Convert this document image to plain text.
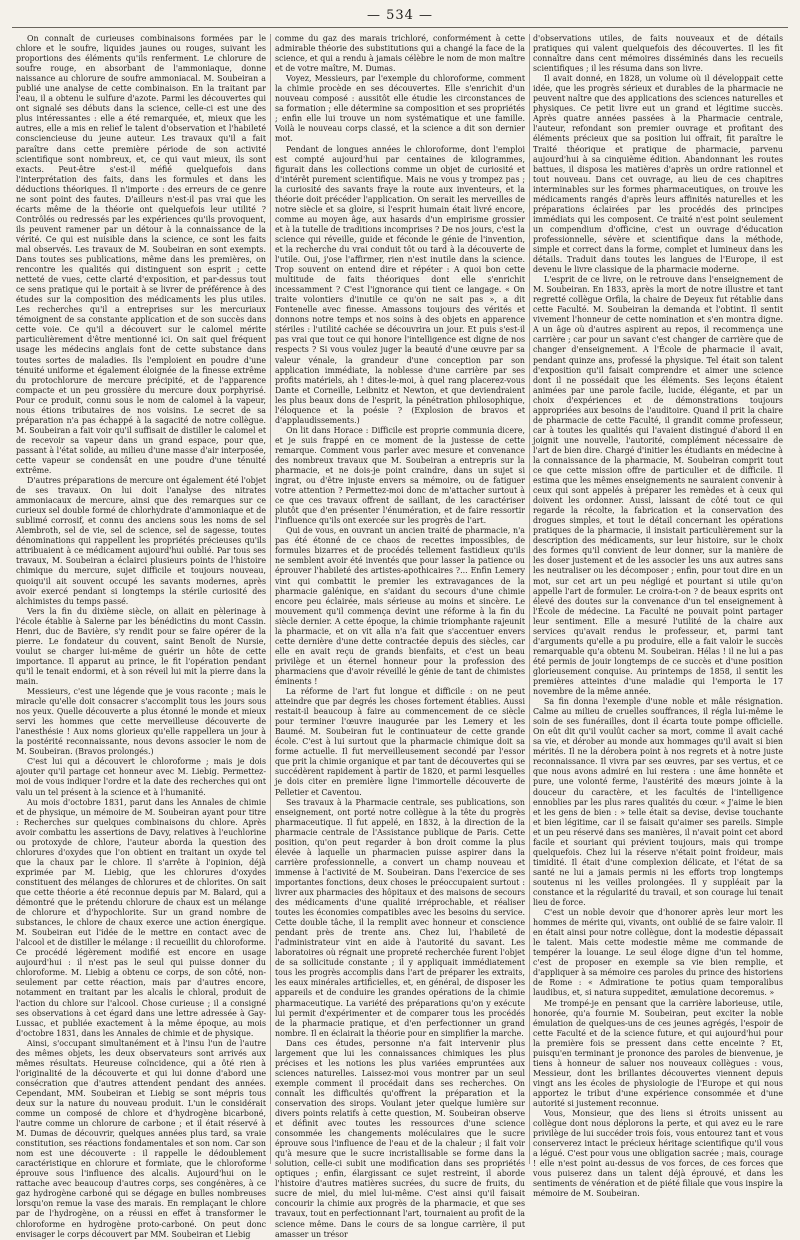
— 534 —

On connaît de curieuses combinaisons formées par le chlore et le soufre, liquides jaunes ou rouges, suivant les proportions des éléments qu'ils renferment. Le chlorure de soufre rouge, en absorbant de l'ammoniaque, donne naissance au chlorure de soufre ammoniacal. M. Soubeiran a publié une analyse de cette combinaison. En la traitant par l'eau, il a obtenu le sulfure d'azote. Parmi les découvertes qui ont signalé ses débuts dans la science, celle-ci est une des plus intéressantes : elle a été remarquée, et, mieux que les autres, elle a mis en relief le talent d'observation et l'habileté consciencieuse du jeune auteur. Les travaux qu'il a fait paraître dans cette première période de son activité scientifique sont nombreux, et, ce qui vaut mieux, ils sont exacts. Peut-être s'est-il méfié quelquefois dans l'interprétation des faits, dans les formules et dans les déductions théoriques. Il n'importe : des erreurs de ce genre ne sont point des fautes. D'ailleurs n'est-il pas vrai que les écarts même de la théorie ont quelquefois leur utilité ? Contrôlés ou redressés par les expériences qu'ils provoquent, ils peuvent ramener par un détour à la connaissance de la vérité. Ce qui est nuisible dans la science, ce sont les faits mal observés. Les travaux de M. Soubeiran en sont exempts. Dans toutes ses publications, même dans les premières, on rencontre les qualités qui distinguent son esprit ; cette netteté de vues, cette clarté d'exposition, et par-dessus tout ce sens pratique qui le portait à se livrer de préférence à des études sur la composition des médicaments les plus utiles. Les recherches qu'il a entreprises sur les mercuriaux témoignent de sa constante application et de son succès dans cette voie. Ce qu'il a découvert sur le calomel mérite particulièrement d'être mentionné ici. On sait quel fréquent usage les médecins anglais font de cette substance dans toutes sortes de maladies. Ils l'emploient en poudre d'une ténuité uniforme et également éloignée de la finesse extrême du protochlorure de mercure précipité, et de l'apparence compacte et un peu grossière du mercure doux porphyrisé. Pour ce produit, connu sous le nom de calomel à la vapeur, nous étions tributaires de nos voisins. Le secret de sa préparation n'a pas échappé à la sagacité de notre collègue. M. Soubeiran a fait voir qu'il suffisait de distiller le calomel et de recevoir sa vapeur dans un grand espace, pour que, passant à l'état solide, au milieu d'une masse d'air interposée, cette vapeur se condensât en une poudre d'une ténuité extrême.

D'autres préparations de mercure ont également été l'objet de ses travaux. On lui doit l'analyse des nitrates ammoniacaux de mercure, ainsi que des remarques sur ce curieux sel double formé de chlorhydrate d'ammoniaque et de sublimé corrosif, et connu des anciens sous les noms de sel Alembroth, sel de vie, sel de science, sel de sagesse, toutes dénominations qui rappellent les propriétés précieuses qu'ils attribuaient à ce médicament aujourd'hui oublié. Par tous ses travaux, M. Soubeiran a éclairci plusieurs points de l'histoire chimique du mercure, sujet difficile et toujours nouveau, quoiqu'il ait souvent occupé les savants modernes, après avoir exercé pendant si longtemps la stérile curiosité des alchimistes du temps passé.

Vers la fin du dixième siècle, on allait en pèlerinage à l'école établie à Salerne par les bénédictins du mont Cassin. Henri, duc de Bavière, s'y rendit pour se faire opérer de la pierre. Le fondateur du couvent, saint Benoît de Nursie, voulut se charger lui-même de guérir un hôte de cette importance. Il apparut au prince, le fit l'opération pendant qu'il le tenait endormi, et à son réveil lui mit la pierre dans la main.

Messieurs, c'est une légende que je vous raconte ; mais le miracle qu'elle doit consacrer s'accomplit tous les jours sous nos yeux. Quelle découverte a plus étonné le monde et mieux servi les hommes que cette merveilleuse découverte de l'anesthésie ! Aux noms glorieux qu'elle rappellera un jour à la postérité reconnaissante, nous devons associer le nom de M. Soubeiran. (Bravos prolongés.)

C'est lui qui a découvert le chloroforme ; mais je dois ajouter qu'il partage cet honneur avec M. Liebig. Permettez-moi de vous indiquer l'ordre et la date des recherches qui ont valu un tel présent à la science et à l'humanité.

Au mois d'octobre 1831, parut dans les Annales de chimie et de physique, un mémoire de M. Soubeiran ayant pour titre : Recherches sur quelques combinaisons du chlore. Après avoir combattu les assertions de Davy, relatives à l'euchlorine ou protoxyde de chlore, l'auteur aborda la question des chlorures d'oxydes que l'on obtient en traitant un oxyde tel que la chaux par le chlore. Il s'arrête à l'opinion, déjà exprimée par M. Liebig, que les chlorures d'oxydes constituent des mélanges de chlorures et de chlorites. On sait que cette théorie a été reconnue depuis par M. Balard, qui a démontré que le prétendu chlorure de chaux est un mélange de chlorure et d'hypochlorite. Sur un grand nombre de substances, le chlore de chaux exerce une action énergique. M. Soubeiran eut l'idée de le mettre en contact avec de l'alcool et de distiller le mélange : il recueillit du chloroforme. Ce procédé légèrement modifié est encore en usage aujourd'hui : il n'est pas le seul qui puisse donner du chloroforme. M. Liebig a obtenu ce corps, de son côté, non-seulement par cette réaction, mais par d'autres encore, notamment en traitant par les alcalis le chloral, produit de l'action du chlore sur l'alcool. Chose curieuse ; il a consigné ses observations à cet égard dans une lettre adressée à Gay-Lussac, et publiée exactement à la même époque, au mois d'octobre 1831, dans les Annales de chimie et de physique.

Ainsi, s'occupant simultanément et à l'insu l'un de l'autre des mêmes objets, les deux observateurs sont arrivés aux mêmes résultats. Heureuse coïncidence, qui a ôté rien à l'originalité de la découverte et qui lui donne d'abord une consécration que d'autres attendent pendant des années. Cependant, MM. Soubeiran et Liebig se sont mépris tous deux sur la nature du nouveau produit. L'un le considérait comme un composé de chlore et d'hydrogène bicarboné, l'autre comme un chlorure de carbone ; et il était réservé à M. Dumas de découvrir, quelques années plus tard, sa vraie constitution, ses réactions fondamentales et son nom. Car son nom est une découverte : il rappelle le dédoublement caractéristique en chlorure et formiate, que le chloroforme éprouve sous l'influence des alcalis. Aujourd'hui on le rattache avec beaucoup d'autres corps, ses congénères, à ce gaz hydrogène carboné qui se dégage en bulles nombreuses lorsqu'on remue la vase des marais. En remplaçant le chlore par de l'hydrogène, on a réussi en effet à transformer le chloroforme en hydrogène proto-carboné. On peut donc envisager le corps découvert par MM. Soubeiran et Liebig

comme du gaz des marais trichloré, conformément à cette admirable théorie des substitutions qui a changé la face de la science, et qui a rendu à jamais célèbre le nom de mon maître et de votre maître, M. Dumas.

Voyez, Messieurs, par l'exemple du chloroforme, comment la chimie procède en ses découvertes. Elle s'enrichit d'un nouveau composé : aussitôt elle étudie les circonstances de sa formation ; elle détermine sa composition et ses propriétés ; enfin elle lui trouve un nom systématique et une famille. Voilà le nouveau corps classé, et la science a dit son dernier mot.

Pendant de longues années le chloroforme, dont l'emploi est compté aujourd'hui par centaines de kilogrammes, figurait dans les collections comme un objet de curiosité et d'intérêt purement scientifique. Mais ne vous y trompez pas ; la curiosité des savants fraye la route aux inventeurs, et la théorie doit précéder l'application. On serait les merveilles de notre siècle et sa gloire, si l'esprit humain était livré encore, comme au moyen âge, aux hasards d'un empirisme grossier et à la tutelle de traditions incomprises ? De nos jours, c'est la science qui réveille, guide et féconde le génie de l'invention, et la recherche du vrai conduit tôt ou tard à la découverte de l'utile. Oui, j'ose l'affirmer, rien n'est inutile dans la science. Trop souvent on entend dire et répéter : A quoi bon cette multitude de faits théoriques dont elle s'enrichit incessamment ? C'est l'ignorance qui tient ce langage. « On traite volontiers d'inutile ce qu'on ne sait pas », a dit Fontenelle avec finesse. Amassons toujours des vérités et donnons notre temps et nos soins à des objets en apparence stériles : l'utilité cachée se découvrira un jour. Et puis s'est-il pas vrai que tout ce qui honore l'intelligence est digne de nos respects ? Si vous voulez juger la beauté d'une œuvre par sa valeur vénale, la grandeur d'une conception par son application immédiate, la noblesse d'une carrière par ses profits matériels, ah ! dites-le-moi, à quel rang placerez-vous Dante et Corneille, Leibnitz et Newton, et que deviendraient les plus beaux dons de l'esprit, la pénétration philosophique, l'éloquence et la poésie ? (Explosion de bravos et d'applaudissements.)

On lit dans Horace : Difficile est proprie communia dicere, et je suis frappé en ce moment de la justesse de cette remarque. Comment vous parler avec mesure et convenance des nombreux travaux que M. Soubeiran a entrepris sur la pharmacie, et ne dois-je point craindre, dans un sujet si ingrat, ou d'être injuste envers sa mémoire, ou de fatiguer votre attention ? Permettez-moi donc de m'attacher surtout à ce que ces travaux offrent de saillant, de les caractériser plutôt que d'en présenter l'énumération, et de faire ressortir l'influence qu'ils ont exercée sur les progrès de l'art.

Qui de vous, en ouvrant un ancien traité de pharmacie, n'a pas été étonné de ce chaos de recettes impossibles, de formules bizarres et de procédés tellement fastidieux qu'ils ne semblent avoir été inventés que pour lasser la patience ou éprouver l'habileté des artistes-apothicaires ?... Enfin Lemery vint qui combattit le premier les extravagances de la pharmacie galénique, en s'aidant du secours d'une chimie encore peu éclairée, mais sérieuse au moins et sincère. Le mouvement qu'il commença devint une réforme à la fin du siècle dernier. A cette époque, la chimie triomphante rajeunit la pharmacie, et on vit alla n'a fait que s'accentuer envers cette dernière d'une dette contractée depuis des siècles, car elle en avait reçu de grands bienfaits, et c'est un beau privilège et un éternel honneur pour la profession des pharmaciens que d'avoir réveillé le génie de tant de chimistes éminents !

La réforme de l'art fut longue et difficile : on ne peut atteindre que par degrés les choses fortement établies. Aussi restait-il beaucoup à faire au commencement de ce siècle pour terminer l'œuvre inaugurée par les Lemery et les Baumé. M. Soubeiran fut le continuateur de cette grande école. C'est à lui surtout que la pharmacie chimique doit sa forme actuelle. Il fut merveilleusement secondé par l'essor que prit la chimie organique et par tant de découvertes qui se succédèrent rapidement à partir de 1820, et parmi lesquelles je dois citer en première ligne l'immortelle découverte de Pelletier et Caventou.

Ses travaux à la Pharmacie centrale, ses publications, son enseignement, ont porté notre collègue à la tête du progrès pharmaceutique. Il fut appelé, en 1832, à la direction de la pharmacie centrale de l'Assistance publique de Paris. Cette position, qu'on peut regarder à bon droit comme la plus élevée à laquelle un pharmacien puisse aspirer dans la carrière professionnelle, a convert un champ nouveau et immense à l'activité de M. Soubeiran. Dans l'exercice de ses importantes fonctions, deux choses le préoccupaient surtout : livrer aux pharmacies des hôpitaux et des maisons de secours des médicaments d'une qualité irréprochable, et réaliser toutes les économies compatibles avec les besoins du service. Cette double tâche, il la remplit avec honneur et conscience pendant près de trente ans. Chez lui, l'habileté de l'administrateur vint en aide à l'autorité du savant. Les laboratoires où régnait une propreté recherchée furent l'objet de sa sollicitude constante ; il y appliquait immédiatement tous les progrès accomplis dans l'art de préparer les extraits, les eaux minérales artificielles, et, en général, de disposer les appareils et de conduire les grandes opérations de la chimie pharmaceutique. La variété des préparations qu'on y exécute lui permit d'expérimenter et de comparer tous les procédés de la pharmacie pratique, et d'en perfectionner un grand nombre. Il en éclairait la théorie pour en simplifier la marche.

Dans ces études, personne n'a fait intervenir plus largement que lui les connaissances chimiques les plus précises et les notions les plus variées empruntées aux sciences naturelles. Laissez-moi vous montrer par un seul exemple comment il procédait dans ses recherches. On connaît les difficultés qu'offrent la préparation et la conservation des sirops. Voulant jeter quelque lumière sur divers points relatifs à cette question, M. Soubeiran observe et définit avec toutes les ressources d'une science consommée les changements moléculaires que le sucre éprouve sous l'influence de l'eau et de la chaleur ; il fait voir qu'à mesure que le sucre incristallisable se forme dans la solution, celle-ci subit une modification dans ses propriétés optiques ; enfin, élargissant ce sujet restreint, il aborde l'histoire d'autres matières sucrées, du sucre de fruits, du sucre de miel, du miel lui-même. C'est ainsi qu'il faisait concourir la chimie aux progrès de la pharmacie, et que ses travaux, tout en perfectionnant l'art, tournaient au profit de la science même. Dans le cours de sa longue carrière, il put amasser un trésor

d'observations utiles, de faits nouveaux et de détails pratiques qui valent quelquefois des découvertes. Il les fit connaître dans cent mémoires disséminés dans les recueils scientifiques ; il les résuma dans son livre.

Il avait donné, en 1828, un volume où il développait cette idée, que les progrès sérieux et durables de la pharmacie ne peuvent naître que des applications des sciences naturelles et physiques. Ce petit livre eut un grand et légitime succès. Après quatre années passées à la Pharmacie centrale, l'auteur, refondant son premier ouvrage et profitant des éléments précieux que sa position lui offrait, fit paraître le Traité théorique et pratique de pharmacie, parvenu aujourd'hui à sa cinquième édition. Abandonnant les routes battues, il disposa les matières d'après un ordre rationnel et tout nouveau. Dans cet ouvrage, au lieu de ces chapitres interminables sur les formes pharmaceutiques, on trouve les médicaments rangés d'après leurs affinités naturelles et les préparations éclairées par les procédés des principes immédiats qui les composent. Ce traité n'est point seulement un compendium d'officine, c'est un ouvrage d'éducation professionnelle, sévère et scientifique dans la méthode, simple et correct dans la forme, complet et lumineux dans les détails. Traduit dans toutes les langues de l'Europe, il est devenu le livre classique de la pharmacie moderne.

L'esprit de ce livre, on le retrouve dans l'enseignement de M. Soubeiran. En 1833, après la mort de notre illustre et tant regretté collègue Orfila, la chaire de Deyeux fut rétablie dans cette Faculté. M. Soubeiran la demanda et l'obtint. Il sentit vivement l'honneur de cette nomination et s'en montra digne. A un âge où d'autres aspirent au repos, il recommença une carrière ; car pour un savant c'est changer de carrière que de changer d'enseignement. A l'École de pharmacie il avait, pendant quinze ans, professé la physique. Tel était son talent d'exposition qu'il faisait comprendre et aimer une science dont il ne possédait que les éléments. Ses leçons étaient animées par une parole facile, lucide, élégante, et par un choix d'expériences et de démonstrations toujours appropriées aux besoins de l'auditoire. Quand il prit la chaire de pharmacie de cette Faculté, il grandit comme professeur, car à toutes les qualités qui l'avaient distingué d'abord il en joignit une nouvelle, l'autorité, complément nécessaire de l'art de bien dire. Chargé d'initier les étudiants en médecine à la connaissance de la pharmacie, M. Soubeiran comprit tout ce que cette mission offre de particulier et de difficile. Il estima que les mêmes enseignements ne sauraient convenir à ceux qui sont appelés à préparer les remèdes et à ceux qui doivent les ordonner. Aussi, laissant de côté tout ce qui regarde la récolte, la fabrication et la conservation des drogues simples, et tout le détail concernant les opérations pratiques de la pharmacie, il insistait particulièrement sur la description des médicaments, sur leur histoire, sur le choix des formes qu'il convient de leur donner, sur la manière de les doser justement et de les associer les uns aux autres sans les neutraliser ou les décomposer ; enfin, pour tout dire en un mot, sur cet art un peu négligé et pourtant si utile qu'on appelle l'art de formuler. Le croira-t-on ? de beaux esprits ont élevé des doutes sur la convenance d'un tel enseignement à l'École de médecine. La Faculté ne pouvait point partager leur sentiment. Elle a mesuré l'utilité de la chaire aux services qu'avait rendus le professeur, et, parmi tant d'arguments qu'elle a pu produire, elle a fait valoir le succès remarquable qu'a obtenu M. Soubeiran. Hélas ! il ne lui a pas été permis de jouir longtemps de ce succès et d'une position glorieusement conquise. Au printemps de 1858, il sentit les premières atteintes d'une maladie qui l'emporta le 17 novembre de la même année.

Sa fin donna l'exemple d'une noble et mâle résignation. Calme au milieu de cruelles souffrances, il régla lui-même le soin de ses funérailles, dont il écarta toute pompe officielle. On eût dit qu'il voulût cacher sa mort, comme il avait caché sa vie, et dérober au monde aux hommages qu'il avait si bien mérités. Il ne la dérobera point à nos regrets et à notre juste reconnaissance. Il vivra par ses œuvres, par ses vertus, et ce que nous avons admiré en lui restera : une âme honnête et pure, une volonté ferme, l'austérité des mœurs jointe à la douceur du caractère, et les facultés de l'intelligence ennoblies par les plus rares qualités du cœur. « J'aime le bien et les gens de bien : » telle était sa devise, devise touchante et bien légitime, car il se faisait qu'aimer ses pareils. Simple et un peu réservé dans ses manières, il n'avait point cet abord facile et souriant qui prévient toujours, mais qui trompe quelquefois. Chez lui la réserve n'était point froideur, mais timidité. Il était d'une complexion délicate, et l'état de sa santé ne lui a jamais permis ni les efforts trop longtemps soutenus ni les veilles prolongées. Il y suppléait par la constance et la régularité du travail, et son courage lui tenait lieu de force.

C'est un noble devoir que d'honorer après leur mort les hommes de mérite qui, vivants, ont oublié de se faire valoir. Il en était ainsi pour notre collègue, dont la modestie dépassait le talent. Mais cette modestie même me commande de tempérer la louange. Le seul éloge digne d'un tel homme, c'est de proposer en exemple sa vie bien remplie, et d'appliquer à sa mémoire ces paroles du prince des historiens de Rome : « Admiratione te potius quam temporalibus laudibus, et, si natura suppeditet, æmulatione decoremus. »

Me trompé-je en pensant que la carrière laborieuse, utile, honorée, qu'a fournie M. Soubeiran, peut exciter la noble émulation de quelques-uns de ces jeunes agrégés, l'espoir de cette Faculté et de la science future, et qui aujourd'hui pour la première fois se pressent dans cette enceinte ? Et, puisqu'en terminant je prononce des paroles de bienvenue, je tiens à honneur de saluer nos nouveaux collègues : vous, Messieur, dont les brillantes découvertes viennent depuis vingt ans les écoles de physiologie de l'Europe et qui nous apportez le tribut d'une expérience consommée et d'une autorité si justement reconnue.

Vous, Monsieur, que des liens si étroits unissent au collègue dont nous déplorons la perte, et qui avez eu le rare privilège de lui succéder trois fois, vous entourez tant et vous conserverez intact le précieux héritage scientifique qu'il vous a légué. C'est pour vous une obligation sacrée ; mais, courage ! elle n'est point au-dessus de vos forces, de ces forces que vous puiserez dans un talent déjà éprouvé, et dans les sentiments de vénération et de piété filiale que vous inspire la mémoire de M. Soubeiran.
